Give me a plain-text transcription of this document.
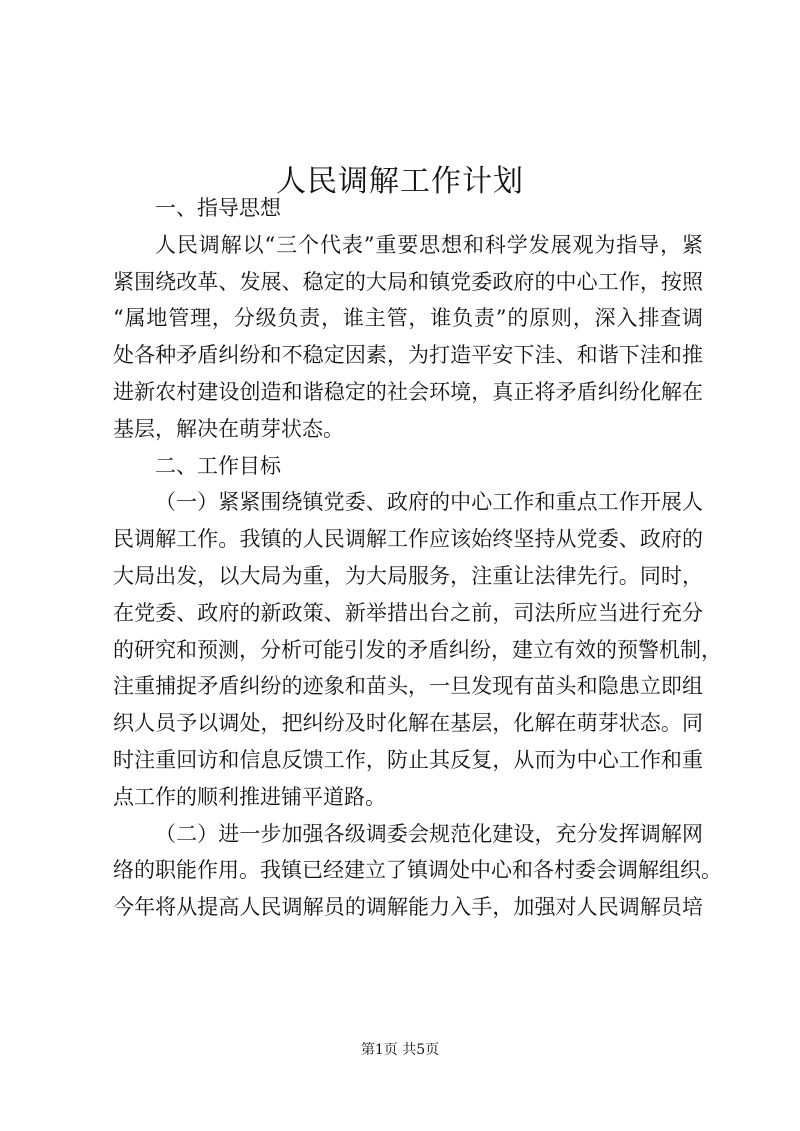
人民调解工作计划
一、指导思想
人民调解以“三个代表”重要思想和科学发展观为指导，紧
紧围绕改革、发展、稳定的大局和镇党委政府的中心工作，按照
“属地管理，分级负责，谁主管，谁负责”的原则，深入排查调
处各种矛盾纠纷和不稳定因素，为打造平安下洼、和谐下洼和推
进新农村建设创造和谐稳定的社会环境，真正将矛盾纠纷化解在
基层，解决在萌芽状态。
二、工作目标
（一）紧紧围绕镇党委、政府的中心工作和重点工作开展人
民调解工作。我镇的人民调解工作应该始终坚持从党委、政府的
大局出发，以大局为重，为大局服务，注重让法律先行。同时，
在党委、政府的新政策、新举措出台之前，司法所应当进行充分
的研究和预测，分析可能引发的矛盾纠纷，建立有效的预警机制，
注重捕捉矛盾纠纷的迹象和苗头，一旦发现有苗头和隐患立即组
织人员予以调处，把纠纷及时化解在基层，化解在萌芽状态。同
时注重回访和信息反馈工作，防止其反复，从而为中心工作和重
点工作的顺利推进铺平道路。
（二）进一步加强各级调委会规范化建设，充分发挥调解网
络的职能作用。我镇已经建立了镇调处中心和各村委会调解组织。
今年将从提高人民调解员的调解能力入手，加强对人民调解员培
第1页 共5页
